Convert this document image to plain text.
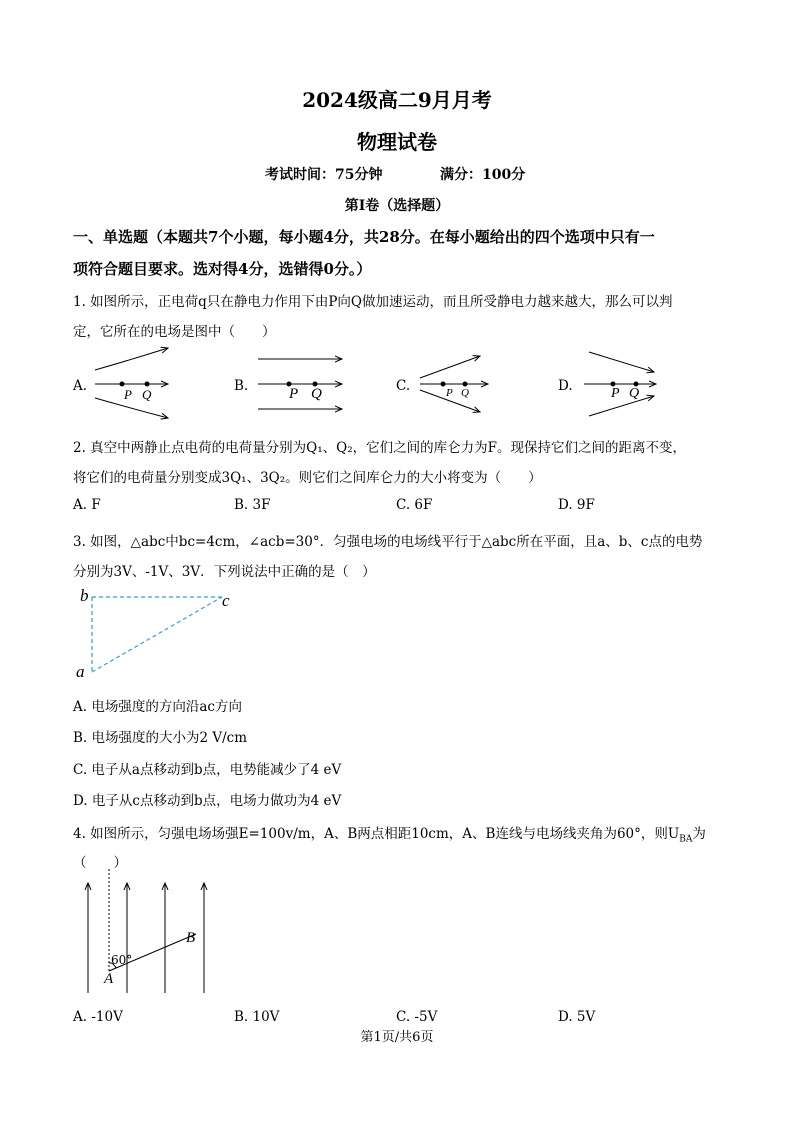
2024级高二9月月考
物理试卷
考试时间：75分钟	满分：100分
第I卷（选择题）
一、单选题（本题共7个小题，每小题4分，共28分。在每小题给出的四个选项中只有一
项符合题目要求。选对得4分，选错得0分。）
1. 如图所示，正电荷q只在静电力作用下由P向Q做加速运动，而且所受静电力越来越大，那么可以判
定，它所在的电场是图中（　　）
A.	B.	C.	D.
P Q	P Q	P Q	P Q
2. 真空中两静止点电荷的电荷量分别为Q₁、Q₂，它们之间的库仑力为F。现保持它们之间的距离不变，
将它们的电荷量分别变成3Q₁、3Q₂。则它们之间库仑力的大小将变为（　　）
A. F	B. 3F	C. 6F	D. 9F
3. 如图，△abc中bc=4cm，∠acb=30°．匀强电场的电场线平行于△abc所在平面，且a、b、c点的电势
分别为3V、-1V、3V．下列说法中正确的是（　）
b	c
a
A. 电场强度的方向沿ac方向
B. 电场强度的大小为2 V/cm
C. 电子从a点移动到b点，电势能减少了4 eV
D. 电子从c点移动到b点，电场力做功为4 eV
4. 如图所示，匀强电场场强E=100v/m，A、B两点相距10cm，A、B连线与电场线夹角为60°，则$U_{BA}$为
（　　）
B
A
60°
A. -10V	B. 10V	C. -5V	D. 5V
第1页/共6页
